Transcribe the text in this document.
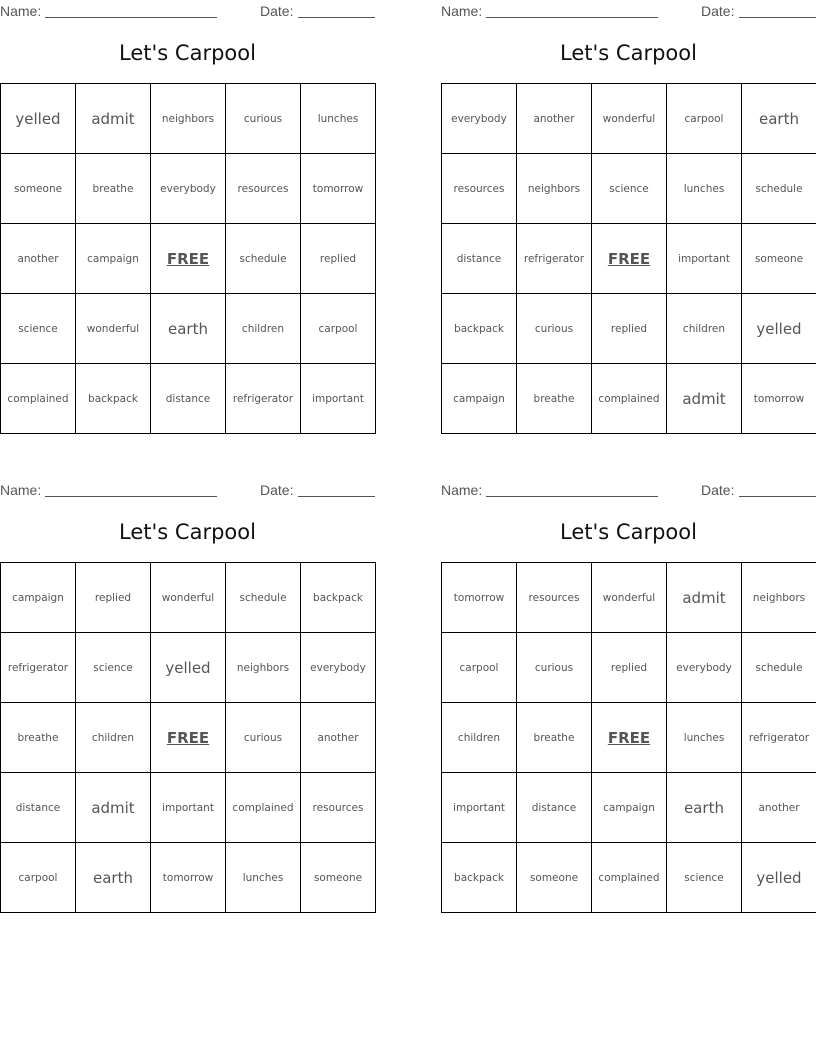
Name:	Date:
Let's Carpool
yelled	admit	neighbors	curious	lunches
someone	breathe	everybody	resources	tomorrow
another	campaign	FREE	schedule	replied
science	wonderful	earth	children	carpool
complained	backpack	distance	refrigerator	important
Name:	Date:
Let's Carpool
everybody	another	wonderful	carpool	earth
resources	neighbors	science	lunches	schedule
distance	refrigerator	FREE	important	someone
backpack	curious	replied	children	yelled
campaign	breathe	complained	admit	tomorrow
Name:	Date:
Let's Carpool
campaign	replied	wonderful	schedule	backpack
refrigerator	science	yelled	neighbors	everybody
breathe	children	FREE	curious	another
distance	admit	important	complained	resources
carpool	earth	tomorrow	lunches	someone
Name:	Date:
Let's Carpool
tomorrow	resources	wonderful	admit	neighbors
carpool	curious	replied	everybody	schedule
children	breathe	FREE	lunches	refrigerator
important	distance	campaign	earth	another
backpack	someone	complained	science	yelled
